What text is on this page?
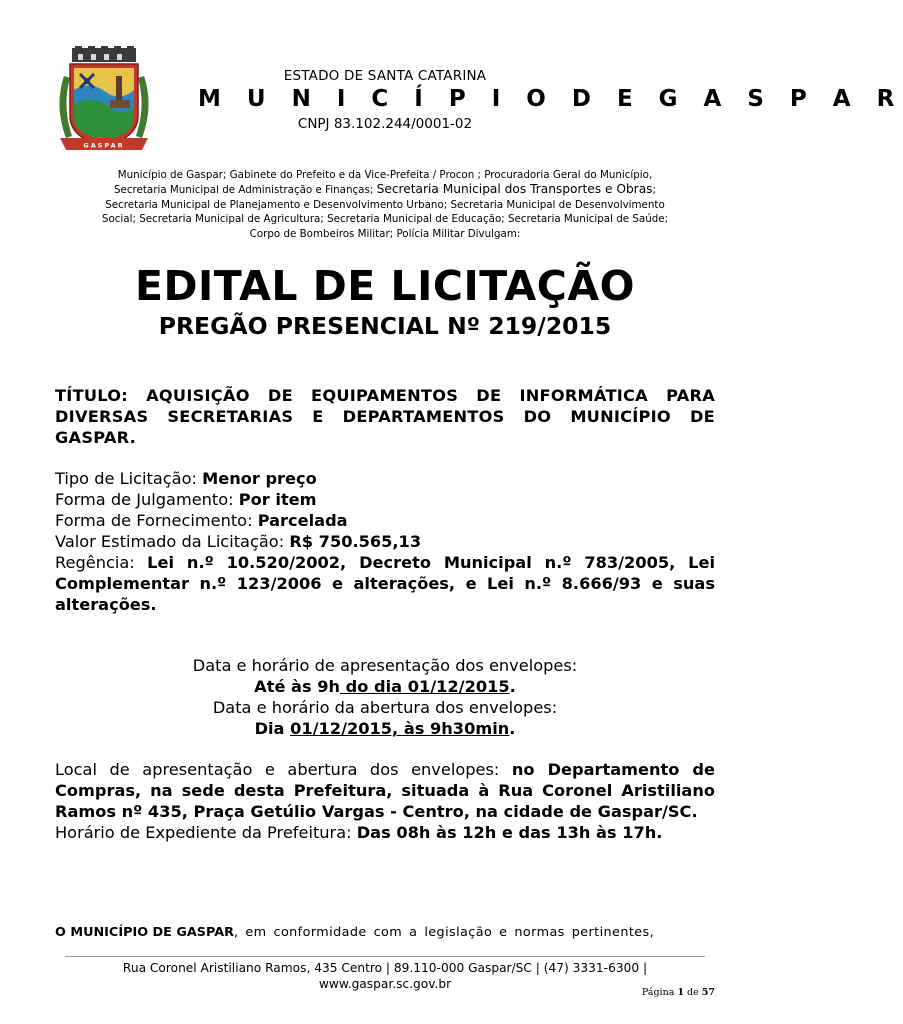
GASPAR
ESTADO DE SANTA CATARINA
M U N I C Í P I O D E G A S P A R
CNPJ 83.102.244/0001-02
Município de Gaspar; Gabinete do Prefeito e da Vice-Prefeita / Procon ; Procuradoria Geral do Município,
Secretaria Municipal de Administração e Finanças; Secretaria Municipal dos Transportes e Obras;
Secretaria Municipal de Planejamento e Desenvolvimento Urbano; Secretaria Municipal de Desenvolvimento
Social; Secretaria Municipal de Agricultura; Secretaria Municipal de Educação; Secretaria Municipal de Saúde;
Corpo de Bombeiros Militar; Polícia Militar Divulgam:
EDITAL DE LICITAÇÃO
PREGÃO PRESENCIAL Nº 219/2015
TÍTULO: AQUISIÇÃO DE EQUIPAMENTOS DE INFORMÁTICA PARA DIVERSAS SECRETARIAS E DEPARTAMENTOS DO MUNICÍPIO DE GASPAR.
Tipo de Licitação: Menor preço
Forma de Julgamento: Por item
Forma de Fornecimento: Parcelada
Valor Estimado da Licitação: R$ 750.565,13
Regência: Lei n.º 10.520/2002, Decreto Municipal n.º 783/2005, Lei Complementar n.º 123/2006 e alterações, e Lei n.º 8.666/93 e suas alterações.
Data e horário de apresentação dos envelopes:
Até às 9h do dia 01/12/2015.
Data e horário da abertura dos envelopes:
Dia 01/12/2015, às 9h30min.
Local de apresentação e abertura dos envelopes: no Departamento de Compras, na sede desta Prefeitura, situada à Rua Coronel Aristiliano Ramos nº 435, Praça Getúlio Vargas - Centro, na cidade de Gaspar/SC.
Horário de Expediente da Prefeitura: Das 08h às 12h e das 13h às 17h.
O MUNICÍPIO DE GASPAR, em conformidade com a legislação e normas pertinentes,
Rua Coronel Aristiliano Ramos, 435 Centro | 89.110-000 Gaspar/SC | (47) 3331-6300 |
www.gaspar.sc.gov.br
Página 1 de 57
